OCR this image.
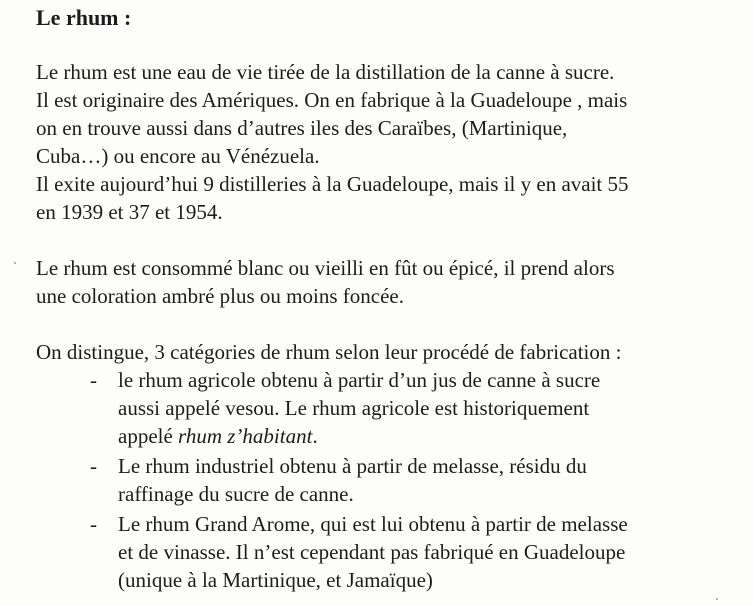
Le rhum :
Le rhum est une eau de vie tirée de la distillation de la canne à sucre.
Il est originaire des Amériques. On en fabrique à la Guadeloupe , mais
on en trouve aussi dans d’autres iles des Caraïbes, (Martinique,
Cuba…) ou encore au Vénézuela.
Il exite aujourd’hui 9 distilleries à la Guadeloupe, mais il y en avait 55
en 1939 et 37 et 1954.
Le rhum est consommé blanc ou vieilli en fût ou épicé, il prend alors
une coloration ambré plus ou moins foncée.
On distingue, 3 catégories de rhum selon leur procédé de fabrication :
- le rhum agricole obtenu à partir d’un jus de canne à sucre
aussi appelé vesou. Le rhum agricole est historiquement
appelé rhum z’habitant.
- Le rhum industriel obtenu à partir de melasse, résidu du
raffinage du sucre de canne.
- Le rhum Grand Arome, qui est lui obtenu à partir de melasse
et de vinasse. Il n’est cependant pas fabriqué en Guadeloupe
(unique à la Martinique, et Jamaïque)
